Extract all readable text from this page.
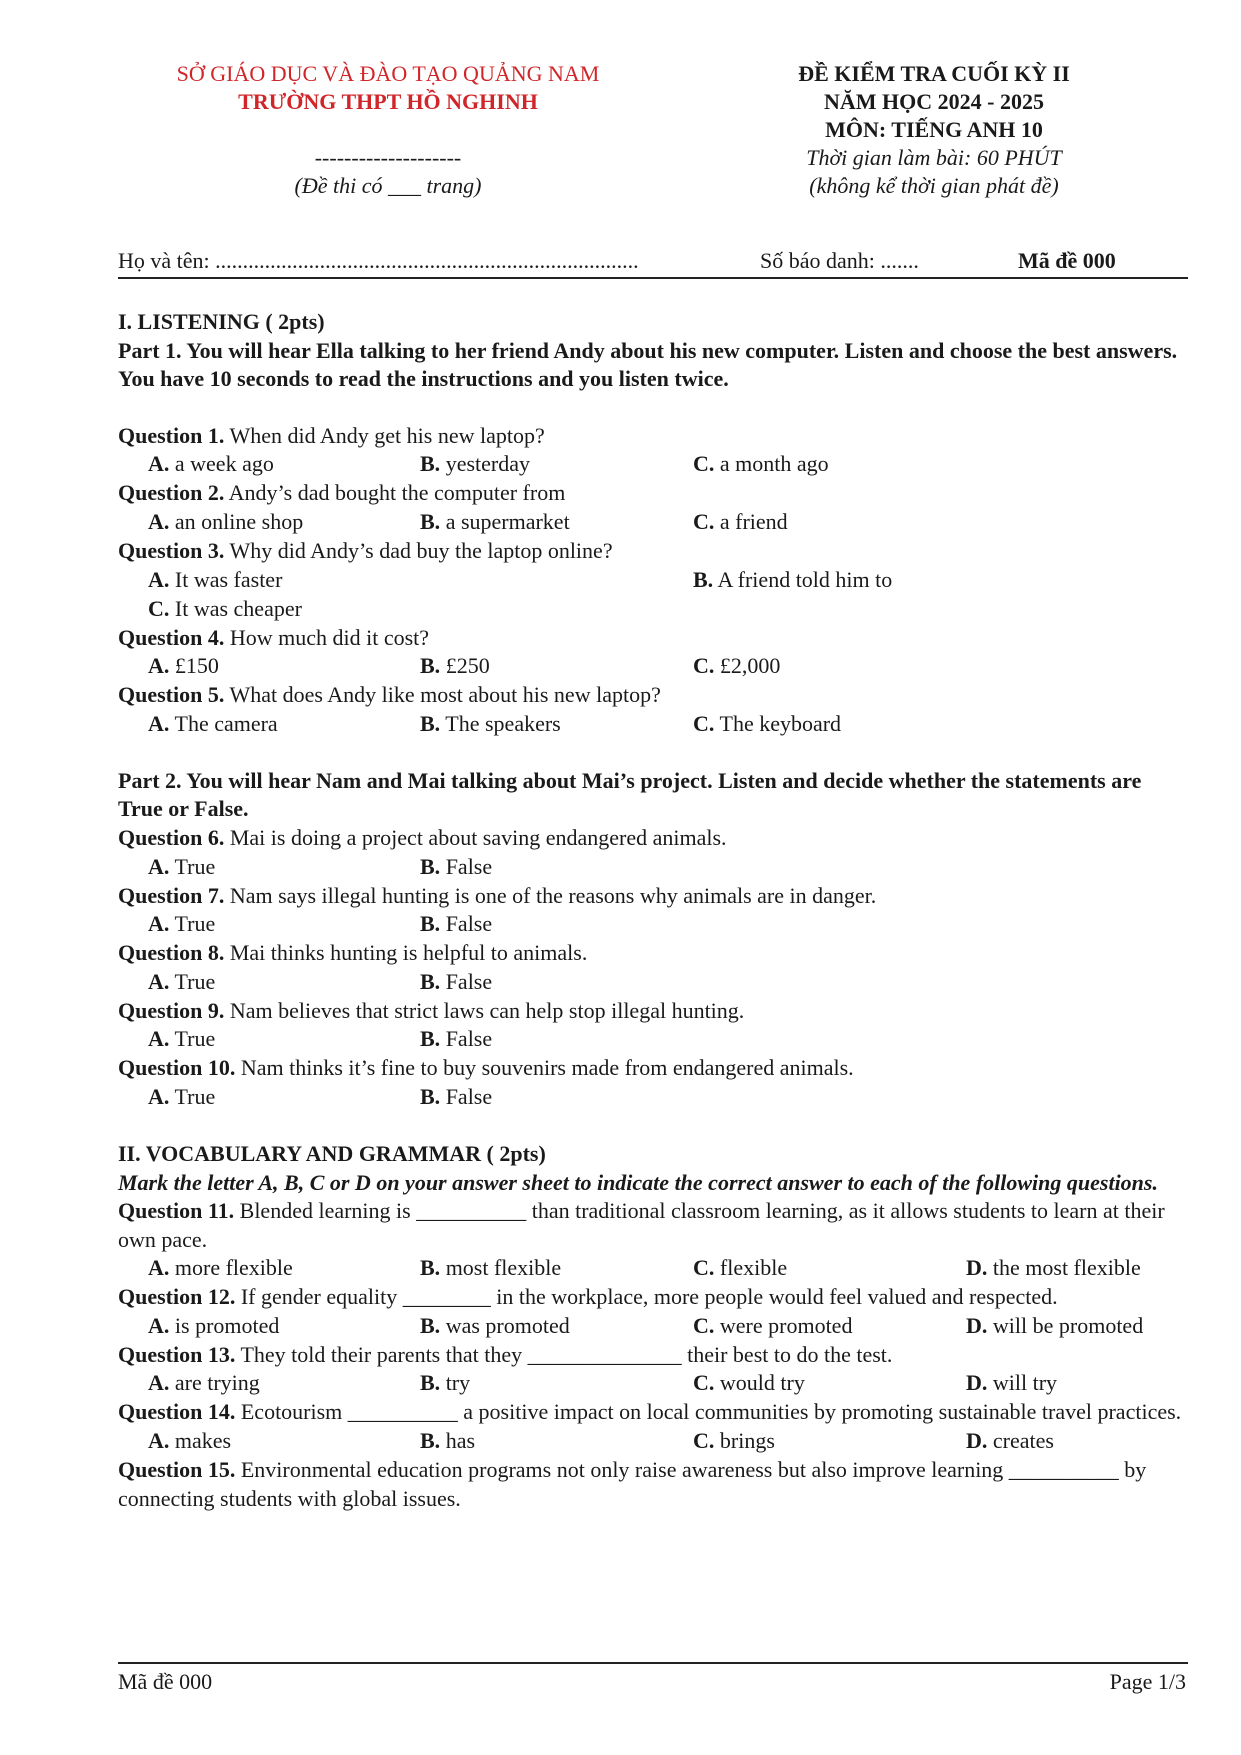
SỞ GIÁO DỤC VÀ ĐÀO TẠO QUẢNG NAM
TRƯỜNG THPT HỒ NGHINH
--------------------
(Đề thi có ___ trang)
ĐỀ KIỂM TRA CUỐI KỲ II
NĂM HỌC 2024 - 2025
MÔN: TIẾNG ANH 10
Thời gian làm bài: 60 PHÚT
(không kể thời gian phát đề)
Họ và tên: .............................................................................	Số báo danh: .......	Mã đề 000
I. LISTENING ( 2pts)
Part 1. You will hear Ella talking to her friend Andy about his new computer. Listen and choose the best answers. You have 10 seconds to read the instructions and you listen twice.
Question 1. When did Andy get his new laptop?
A. a week ago	B. yesterday	C. a month ago
Question 2. Andy’s dad bought the computer from
A. an online shop	B. a supermarket	C. a friend
Question 3. Why did Andy’s dad buy the laptop online?
A. It was faster	B. A friend told him to
C. It was cheaper
Question 4. How much did it cost?
A. £150	B. £250	C. £2,000
Question 5. What does Andy like most about his new laptop?
A. The camera	B. The speakers	C. The keyboard
Part 2. You will hear Nam and Mai talking about Mai’s project. Listen and decide whether the statements are True or False.
Question 6. Mai is doing a project about saving endangered animals.
A. True	B. False
Question 7. Nam says illegal hunting is one of the reasons why animals are in danger.
A. True	B. False
Question 8. Mai thinks hunting is helpful to animals.
A. True	B. False
Question 9. Nam believes that strict laws can help stop illegal hunting.
A. True	B. False
Question 10. Nam thinks it’s fine to buy souvenirs made from endangered animals.
A. True	B. False
II. VOCABULARY AND GRAMMAR ( 2pts)
Mark the letter A, B, C or D on your answer sheet to indicate the correct answer to each of the following questions.
Question 11. Blended learning is __________ than traditional classroom learning, as it allows students to learn at their own pace.
A. more flexible	B. most flexible	C. flexible	D. the most flexible
Question 12. If gender equality ________ in the workplace, more people would feel valued and respected.
A. is promoted	B. was promoted	C. were promoted	D. will be promoted
Question 13. They told their parents that they ______________ their best to do the test.
A. are trying	B. try	C. would try	D. will try
Question 14. Ecotourism __________ a positive impact on local communities by promoting sustainable travel practices.
A. makes	B. has	C. brings	D. creates
Question 15. Environmental education programs not only raise awareness but also improve learning __________ by connecting students with global issues.
Mã đề 000	Page 1/3
